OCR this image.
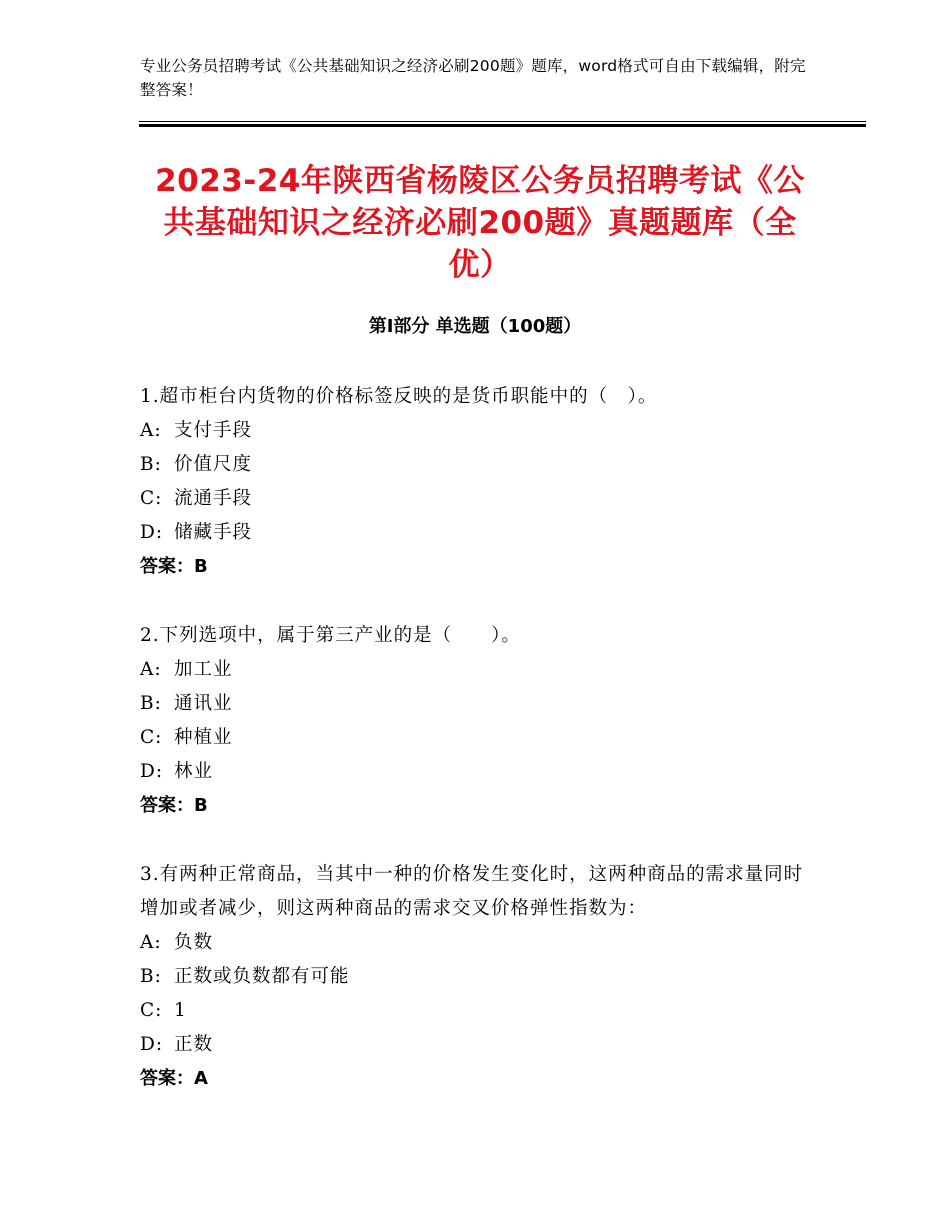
专业公务员招聘考试《公共基础知识之经济必刷200题》题库，word格式可自由下载编辑，附完整答案！
2023-24年陕西省杨陵区公务员招聘考试《公共基础知识之经济必刷200题》真题题库（全优）
第Ⅰ部分 单选题（100题）
1.超市柜台内货物的价格标签反映的是货币职能中的（　）。
A: 支付手段
B: 价值尺度
C: 流通手段
D: 储藏手段
答案：B
2.下列选项中，属于第三产业的是（　　）。
A: 加工业
B: 通讯业
C: 种植业
D: 林业
答案：B
3.有两种正常商品，当其中一种的价格发生变化时，这两种商品的需求量同时增加或者减少，则这两种商品的需求交叉价格弹性指数为：
A: 负数
B: 正数或负数都有可能
C: 1
D: 正数
答案：A
